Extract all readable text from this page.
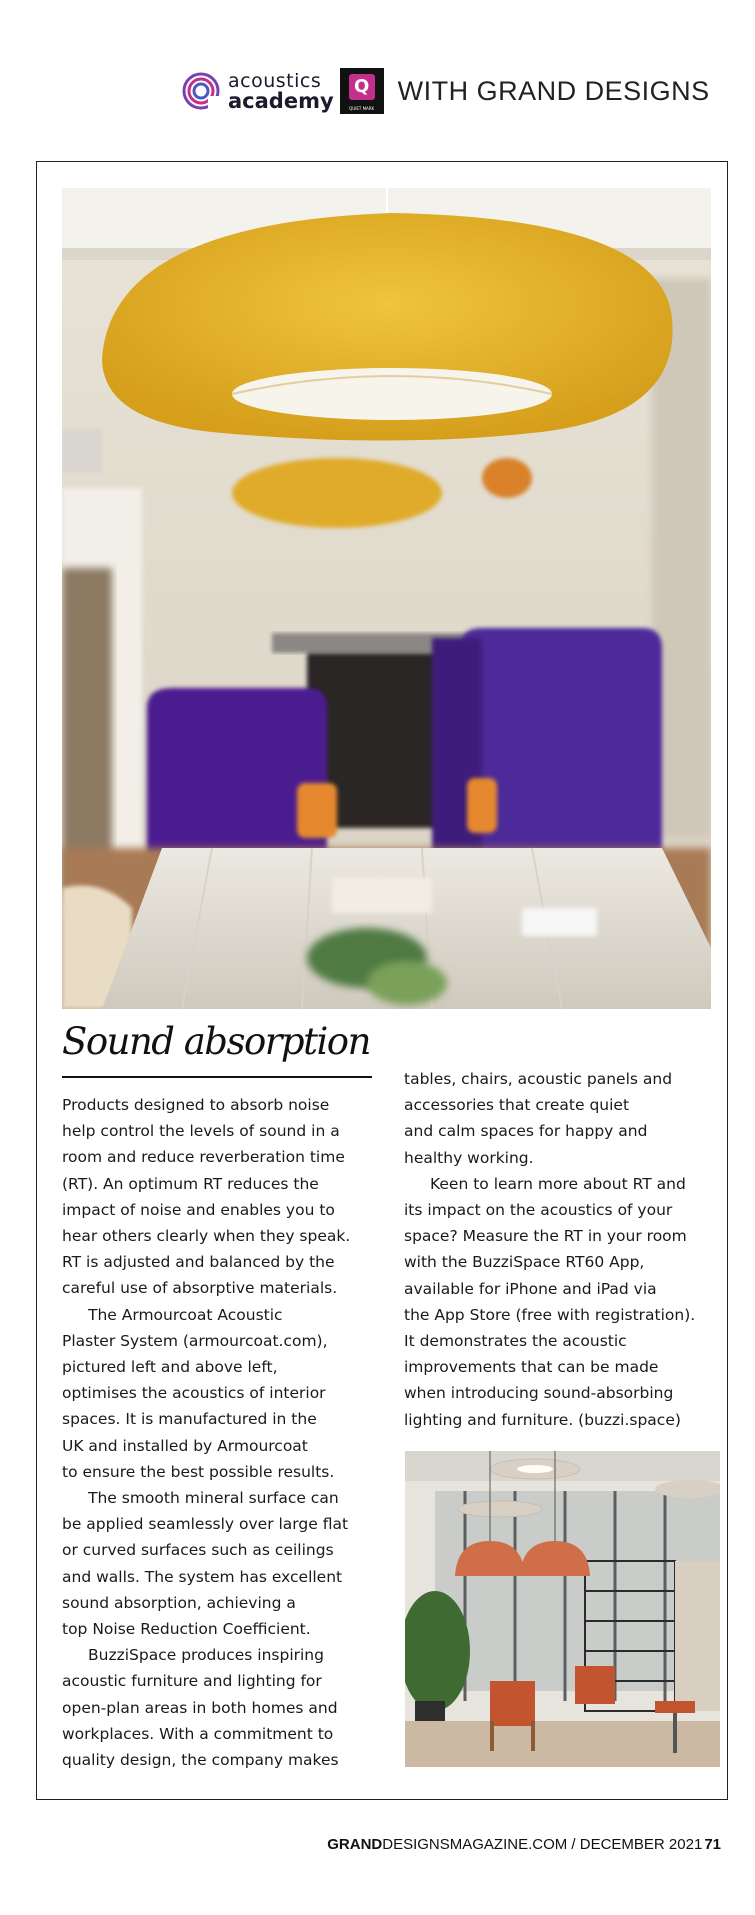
acoustics
academy
Q
QUIET MARK
WITH GRAND DESIGNS
Sound absorption

Products designed to absorb noise
help control the levels of sound in a
room and reduce reverberation time
(RT). An optimum RT reduces the
impact of noise and enables you to
hear others clearly when they speak.
RT is adjusted and balanced by the
careful use of absorptive materials.

The Armourcoat Acoustic
Plaster System (armourcoat.com),
pictured left and above left,
optimises the acoustics of interior
spaces. It is manufactured in the
UK and installed by Armourcoat
to ensure the best possible results.

The smooth mineral surface can
be applied seamlessly over large flat
or curved surfaces such as ceilings
and walls. The system has excellent
sound absorption, achieving a
top Noise Reduction Coefficient.

BuzziSpace produces inspiring
acoustic furniture and lighting for
open-plan areas in both homes and
workplaces. With a commitment to
quality design, the company makes

tables, chairs, acoustic panels and
accessories that create quiet
and calm spaces for happy and
healthy working.

Keen to learn more about RT and
its impact on the acoustics of your
space? Measure the RT in your room
with the BuzziSpace RT60 App,
available for iPhone and iPad via
the App Store (free with registration).
It demonstrates the acoustic
improvements that can be made
when introducing sound-absorbing
lighting and furniture. (buzzi.space)

GRANDDESIGNSMAGAZINE.COM / DECEMBER 2021 71
